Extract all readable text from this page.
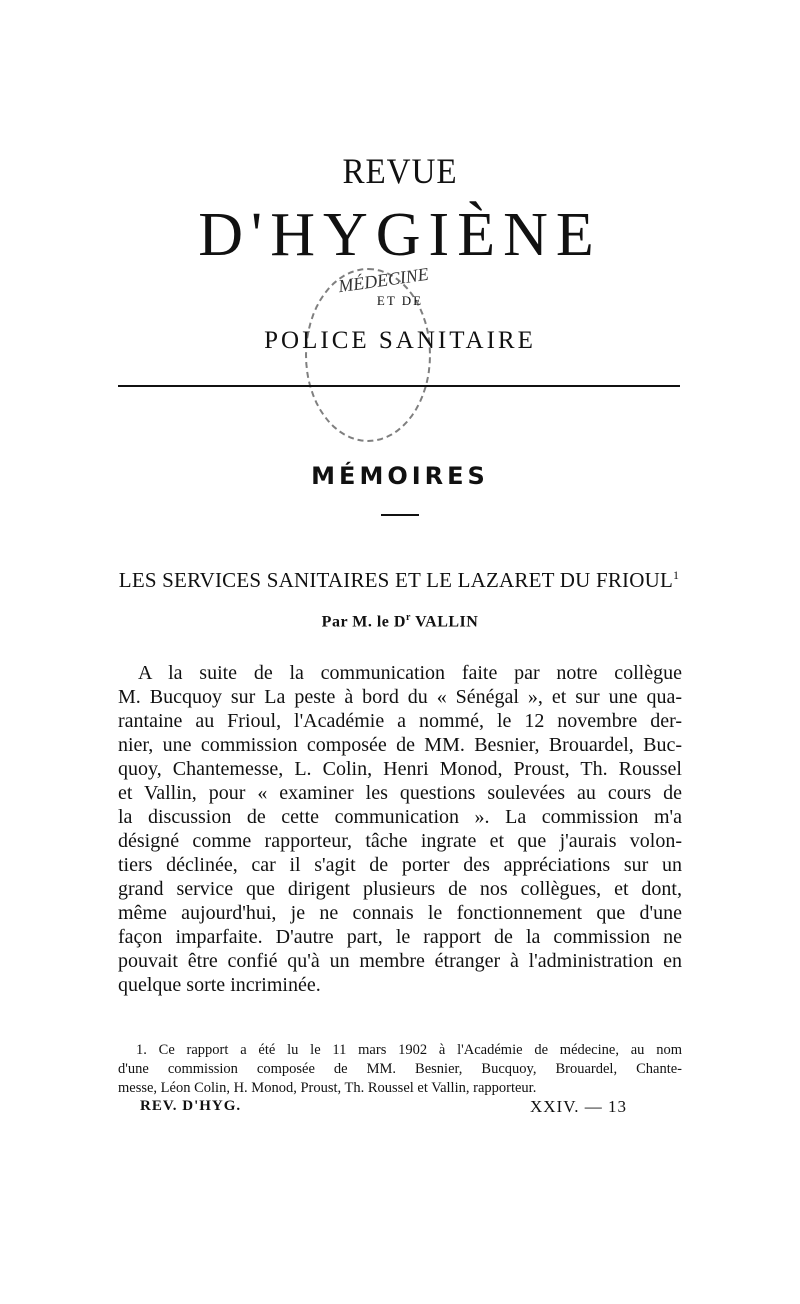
REVUE
D'HYGIÈNE
MÉDECINE
ET DE
POLICE SANITAIRE
MÉMOIRES
LES SERVICES SANITAIRES ET LE LAZARET DU FRIOUL$^1$
Par M. le $D^r$ VALLIN
A la suite de la communication faite par notre collègue
M. Bucquoy sur La peste à bord du « Sénégal », et sur une qua-
rantaine au Frioul, l'Académie a nommé, le 12 novembre der-
nier, une commission composée de MM. Besnier, Brouardel, Buc-
quoy, Chantemesse, L. Colin, Henri Monod, Proust, Th. Roussel
et Vallin, pour « examiner les questions soulevées au cours de
la discussion de cette communication ». La commission m'a
désigné comme rapporteur, tâche ingrate et que j'aurais volon-
tiers déclinée, car il s'agit de porter des appréciations sur un
grand service que dirigent plusieurs de nos collègues, et dont,
même aujourd'hui, je ne connais le fonctionnement que d'une
façon imparfaite. D'autre part, le rapport de la commission ne
pouvait être confié qu'à un membre étranger à l'administration en
quelque sorte incriminée.
1. Ce rapport a été lu le 11 mars 1902 à l'Académie de médecine, au nom
d'une commission composée de MM. Besnier, Bucquoy, Brouardel, Chante-
messe, Léon Colin, H. Monod, Proust, Th. Roussel et Vallin, rapporteur.
REV. D'HYG.	XXIV. — 13
